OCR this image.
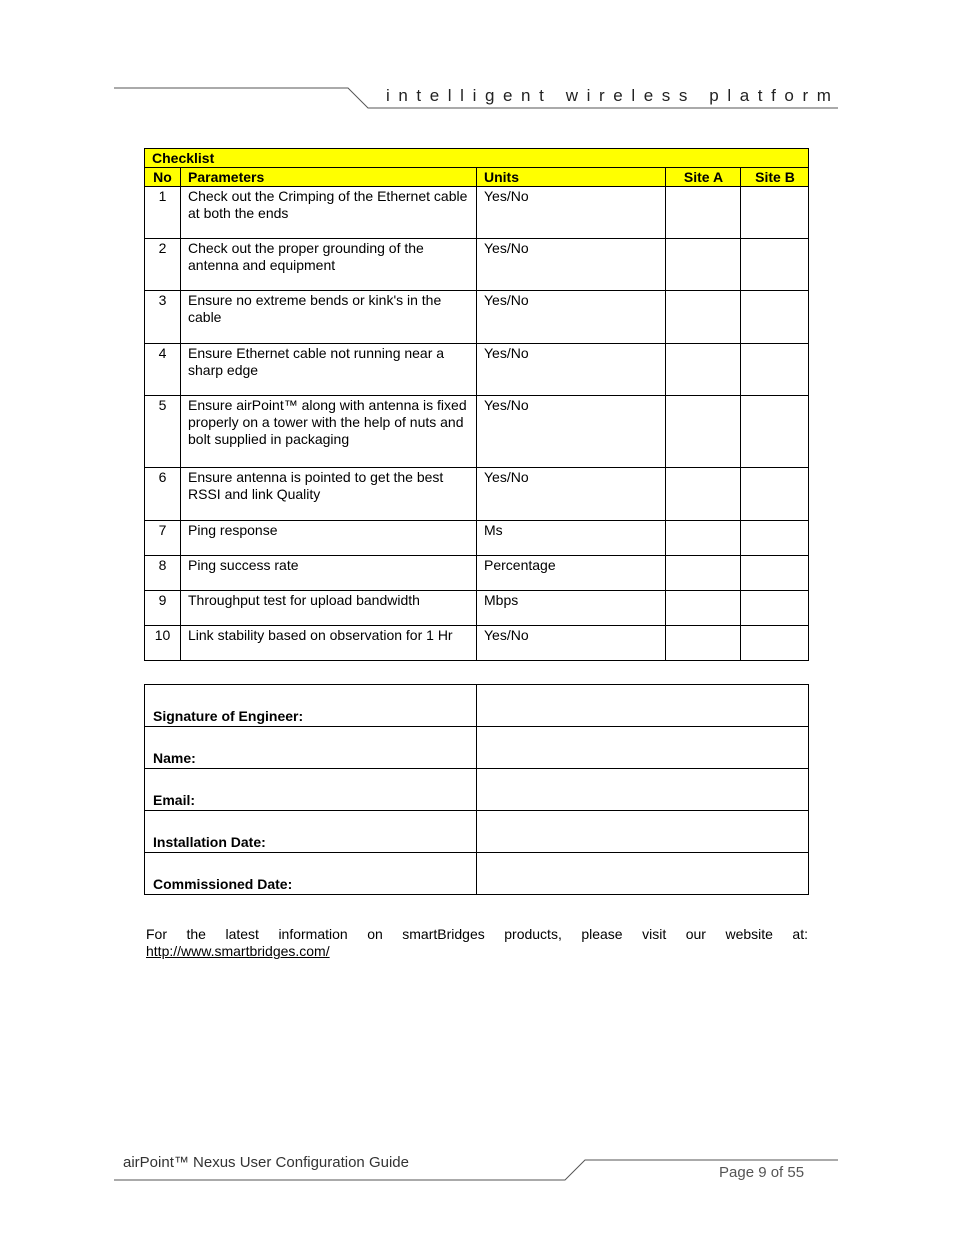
intelligent wireless platform
Checklist				
No	Parameters	Units	Site A	Site B
1	Check out the Crimping of the Ethernet cable at both the ends	Yes/No		
2	Check out the proper grounding of the antenna and equipment	Yes/No		
3	Ensure no extreme bends or kink's in the cable	Yes/No		
4	Ensure Ethernet cable not running near a sharp edge	Yes/No		
5	Ensure airPoint™ along with antenna is fixed properly on a tower with the help of nuts and bolt supplied in packaging	Yes/No		
6	Ensure antenna is pointed to get the best RSSI and link Quality	Yes/No		
7	Ping response	Ms		
8	Ping success rate	Percentage		
9	Throughput test for upload bandwidth	Mbps		
10	Link stability based on observation for 1 Hr	Yes/No		
Signature of Engineer:	
Name:	
Email:	
Installation Date:	
Commissioned Date:	
For the latest information on smartBridges products, please visit our website at:
http://www.smartbridges.com/
airPoint™ Nexus User Configuration Guide
Page 9 of 55
